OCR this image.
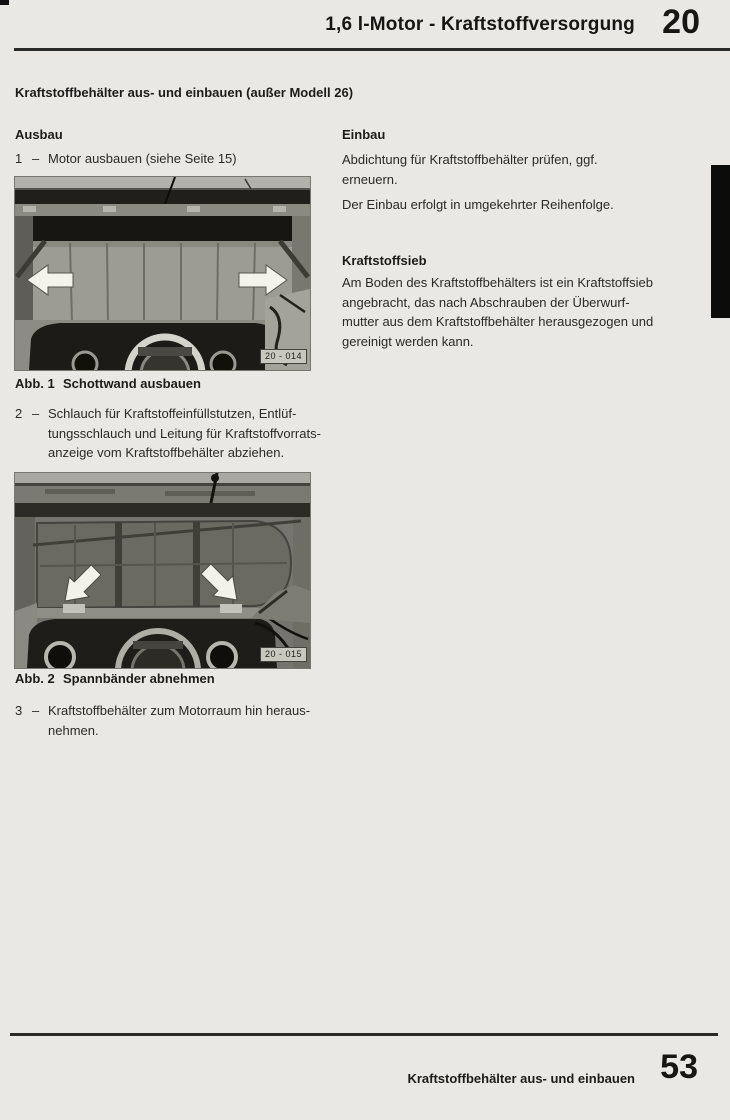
1,6 l-Motor - Kraftstoffversorgung 20
Kraftstoffbehälter aus- und einbauen (außer Modell 26)
Ausbau
1 – Motor ausbauen (siehe Seite 15)
20 - 014
Abb. 1 Schottwand ausbauen
2 – Schlauch für Kraftstoffeinfüllstutzen, Entlüf-
tungsschlauch und Leitung für Kraftstoffvorrats-
anzeige vom Kraftstoffbehälter abziehen.
20 - 015
Abb. 2 Spannbänder abnehmen
3 – Kraftstoffbehälter zum Motorraum hin heraus-
nehmen.
Einbau
Abdichtung für Kraftstoffbehälter prüfen, ggf.
erneuern.
Der Einbau erfolgt in umgekehrter Reihenfolge.
Kraftstoffsieb
Am Boden des Kraftstoffbehälters ist ein Kraftstoffsieb
angebracht, das nach Abschrauben der Überwurf-
mutter aus dem Kraftstoffbehälter herausgezogen und
gereinigt werden kann.
Kraftstoffbehälter aus- und einbauen 53
